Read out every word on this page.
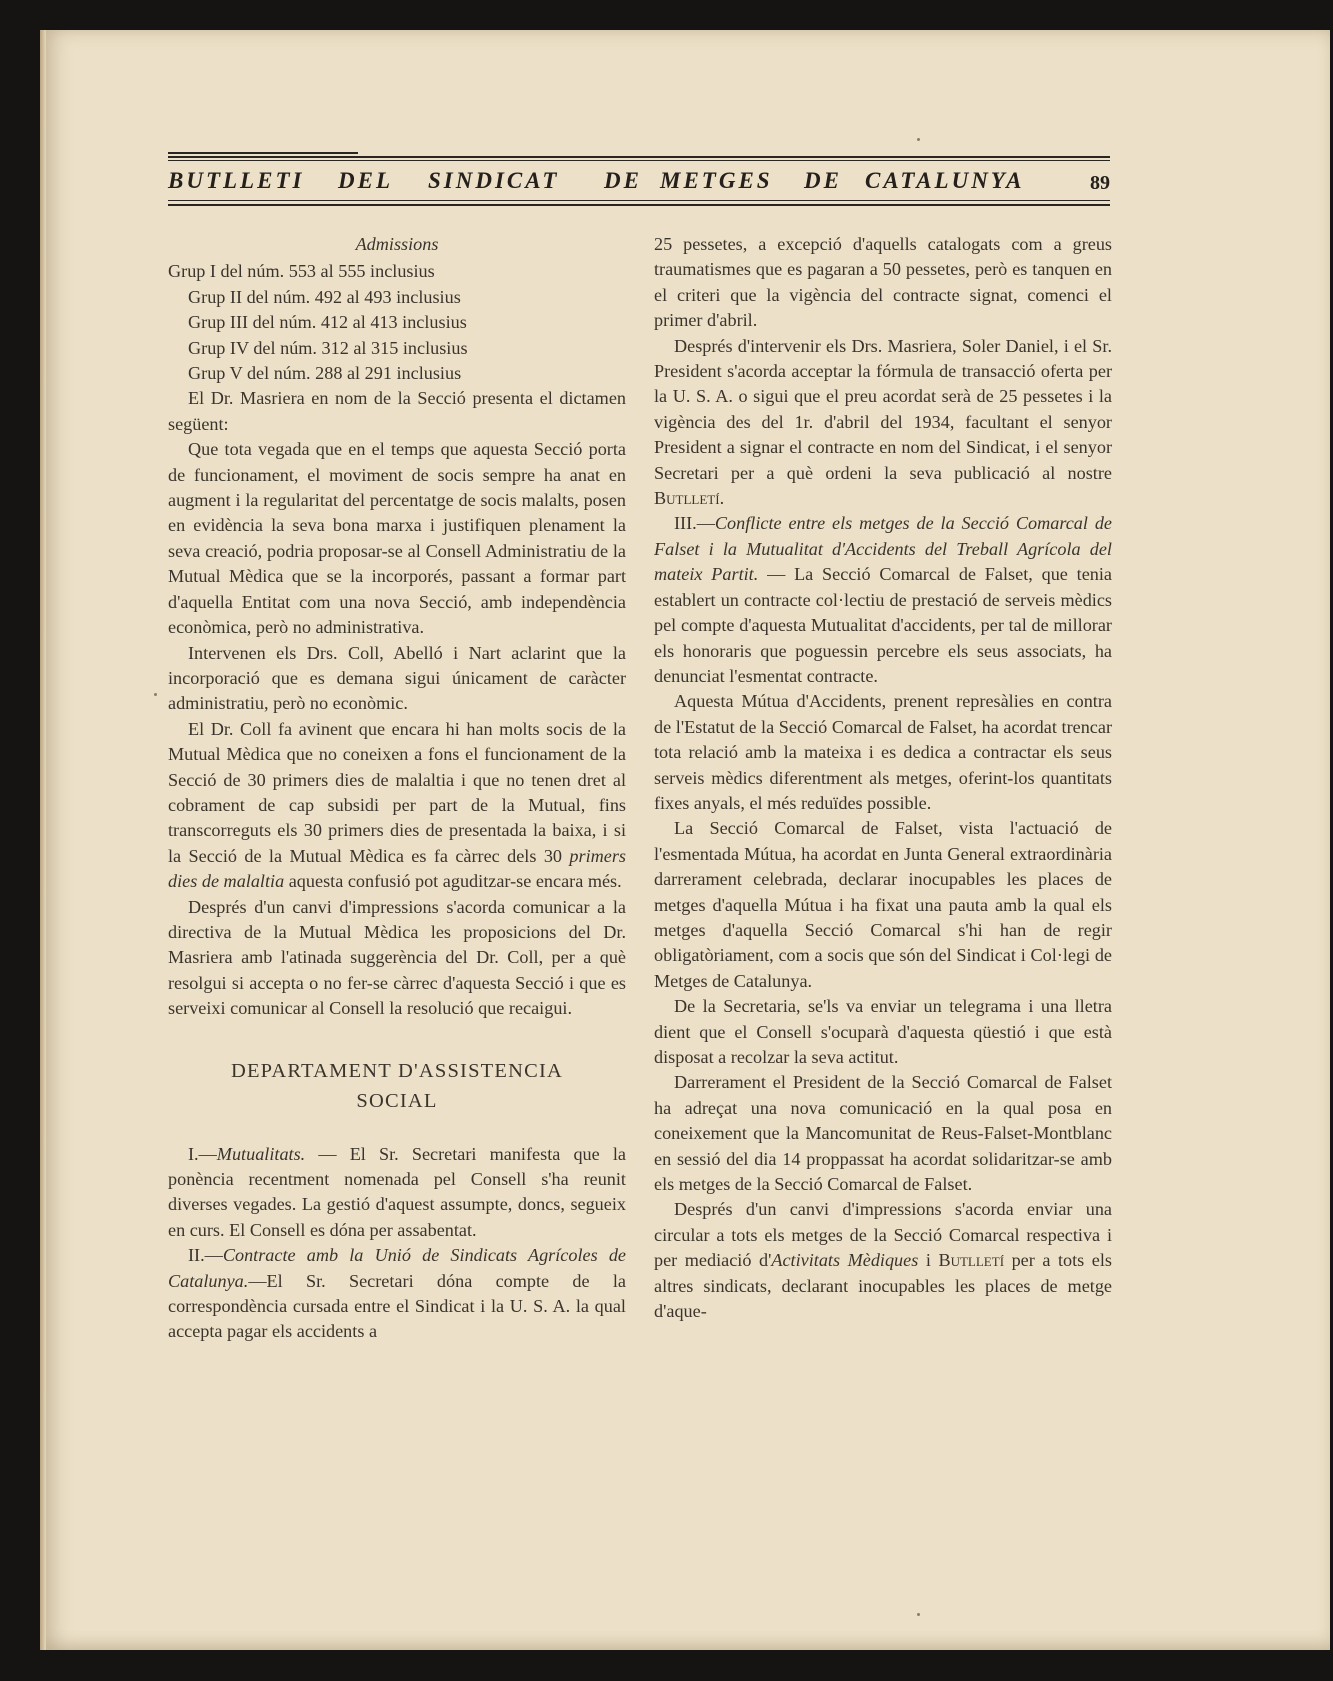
BUTLLETI DEL SINDICAT DE METGES DE CATALUNYA	89
Admissions
Grup I del núm. 553 al 555 inclusius
Grup II del núm. 492 al 493 inclusius
Grup III del núm. 412 al 413 inclusius
Grup IV del núm. 312 al 315 inclusius
Grup V del núm. 288 al 291 inclusius

El Dr. Masriera en nom de la Secció presenta el dictamen següent:

Que tota vegada que en el temps que aquesta Secció porta de funcionament, el moviment de socis sempre ha anat en augment i la regularitat del percentatge de socis malalts, posen en evidència la seva bona marxa i justifiquen plenament la seva creació, podria proposar-se al Consell Administratiu de la Mutual Mèdica que se la incorporés, passant a formar part d'aquella Entitat com una nova Secció, amb independència econòmica, però no administrativa.

Intervenen els Drs. Coll, Abelló i Nart aclarint que la incorporació que es demana sigui únicament de caràcter administratiu, però no econòmic.

El Dr. Coll fa avinent que encara hi han molts socis de la Mutual Mèdica que no coneixen a fons el funcionament de la Secció de 30 primers dies de malaltia i que no tenen dret al cobrament de cap subsidi per part de la Mutual, fins transcorreguts els 30 primers dies de presentada la baixa, i si la Secció de la Mutual Mèdica es fa càrrec dels 30 primers dies de malaltia aquesta confusió pot aguditzar-se encara més.

Després d'un canvi d'impressions s'acorda comunicar a la directiva de la Mutual Mèdica les proposicions del Dr. Masriera amb l'atinada suggerència del Dr. Coll, per a què resolgui si accepta o no fer-se càrrec d'aquesta Secció i que es serveixi comunicar al Consell la resolució que recaigui.

DEPARTAMENT D'ASSISTENCIA
SOCIAL

I.—Mutualitats. — El Sr. Secretari manifesta que la ponència recentment nomenada pel Consell s'ha reunit diverses vegades. La gestió d'aquest assumpte, doncs, segueix en curs. El Consell es dóna per assabentat.

II.—Contracte amb la Unió de Sindicats Agrícoles de Catalunya.—El Sr. Secretari dóna compte de la correspondència cursada entre el Sindicat i la U. S. A. la qual accepta pagar els accidents a

25 pessetes, a excepció d'aquells catalogats com a greus traumatismes que es pagaran a 50 pessetes, però es tanquen en el criteri que la vigència del contracte signat, comenci el primer d'abril.

Després d'intervenir els Drs. Masriera, Soler Daniel, i el Sr. President s'acorda acceptar la fórmula de transacció oferta per la U. S. A. o sigui que el preu acordat serà de 25 pessetes i la vigència des del 1r. d'abril del 1934, facultant el senyor President a signar el contracte en nom del Sindicat, i el senyor Secretari per a què ordeni la seva publicació al nostre Butlletí.

III.—Conflicte entre els metges de la Secció Comarcal de Falset i la Mutualitat d'Accidents del Treball Agrícola del mateix Partit. — La Secció Comarcal de Falset, que tenia establert un contracte col·lectiu de prestació de serveis mèdics pel compte d'aquesta Mutualitat d'accidents, per tal de millorar els honoraris que poguessin percebre els seus associats, ha denunciat l'esmentat contracte.

Aquesta Mútua d'Accidents, prenent represàlies en contra de l'Estatut de la Secció Comarcal de Falset, ha acordat trencar tota relació amb la mateixa i es dedica a contractar els seus serveis mèdics diferentment als metges, oferint-los quantitats fixes anyals, el més reduïdes possible.

La Secció Comarcal de Falset, vista l'actuació de l'esmentada Mútua, ha acordat en Junta General extraordinària darrerament celebrada, declarar inocupables les places de metges d'aquella Mútua i ha fixat una pauta amb la qual els metges d'aquella Secció Comarcal s'hi han de regir obligatòriament, com a socis que són del Sindicat i Col·legi de Metges de Catalunya.

De la Secretaria, se'ls va enviar un telegrama i una lletra dient que el Consell s'ocuparà d'aquesta qüestió i que està disposat a recolzar la seva actitut.

Darrerament el President de la Secció Comarcal de Falset ha adreçat una nova comunicació en la qual posa en coneixement que la Mancomunitat de Reus-Falset-Montblanc en sessió del dia 14 proppassat ha acordat solidaritzar-se amb els metges de la Secció Comarcal de Falset.

Després d'un canvi d'impressions s'acorda enviar una circular a tots els metges de la Secció Comarcal respectiva i per mediació d'Activitats Mèdiques i Butlletí per a tots els altres sindicats, declarant inocupables les places de metge d'aque-
